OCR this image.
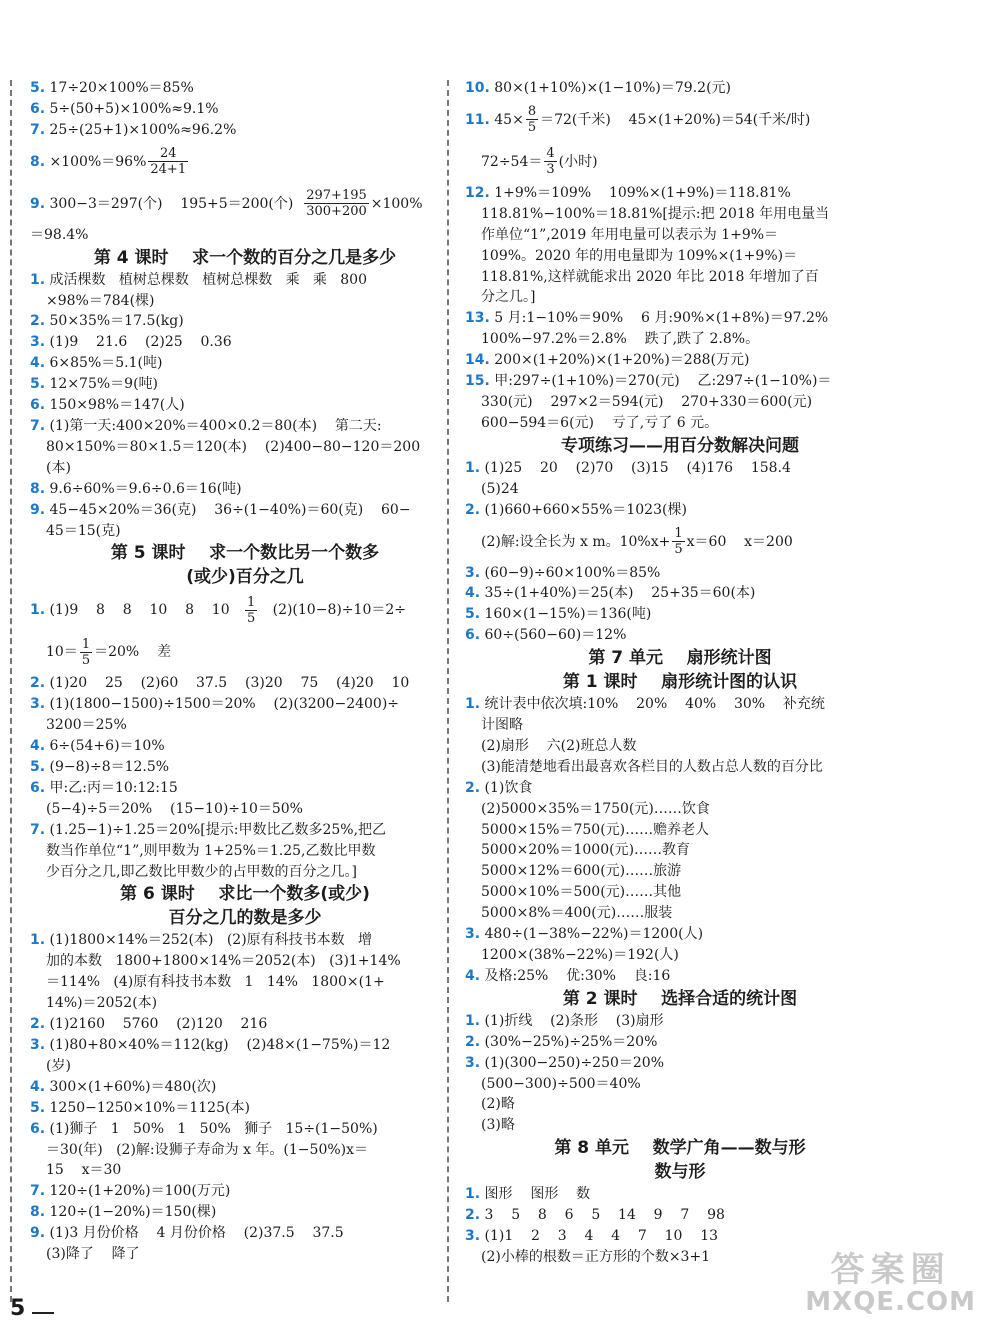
5. 17÷20×100%＝85%
6. 5÷(50+5)×100%≈9.1%
7. 25÷(25+1)×100%≈96.2%
8. $\times 100\%=96\% \frac{24}{24+1}$
9. 300−3＝297(个)    195+5＝200(个) $\frac{297+195}{300+200} \times 100\%$
＝98.4%
第 4 课时    求一个数的百分之几是多少
1. 成活棵数   植树总棵数   植树总棵数   乘   乘   800
×98%＝784(棵)
2. 50×35%＝17.5(kg)
3. (1)9    21.6    (2)25    0.36
4. 6×85%＝5.1(吨)
5. 12×75%＝9(吨)
6. 150×98%＝147(人)
7. (1)第一天:400×20%＝400×0.2＝80(本)    第二天:
80×150%＝80×1.5＝120(本)    (2)400−80−120＝200
(本)
8. 9.6÷60%＝9.6÷0.6＝16(吨)
9. 45−45×20%＝36(克)    36÷(1−40%)＝60(克)    60−
45＝15(克)
第 5 课时    求一个数比另一个数多
(或少)百分之几
1. (1)9    8    8    10    8    $10 \frac{1}{5} (2)(10-8)\div 10=2\div$
$10= \frac{1}{5} =20\%$    差
2. (1)20    25    (2)60    37.5    (3)20    75    (4)20    10
3. (1)(1800−1500)÷1500＝20%    (2)(3200−2400)÷
3200＝25%
4. 6÷(54+6)＝10%
5. (9−8)÷8＝12.5%
6. 甲:乙:丙＝10:12:15
(5−4)÷5＝20%    (15−10)÷10＝50%
7. (1.25−1)÷1.25＝20%[提示:甲数比乙数多25%,把乙
数当作单位“1”,则甲数为 1+25%＝1.25,乙数比甲数
少百分之几,即乙数比甲数少的占甲数的百分之几。]
第 6 课时    求比一个数多(或少)
百分之几的数是多少
1. (1)1800×14%＝252(本)   (2)原有科技书本数   增
加的本数   1800+1800×14%＝2052(本)   (3)1+14%
＝114%   (4)原有科技书本数   1   14%   1800×(1+
14%)＝2052(本)
2. (1)2160    5760    (2)120    216
3. (1)80+80×40%＝112(kg)    (2)48×(1−75%)＝12
(岁)
4. 300×(1+60%)＝480(次)
5. 1250−1250×10%＝1125(本)
6. (1)狮子   1   50%   1   50%   狮子   15÷(1−50%)
＝30(年)   (2)解:设狮子寿命为 x 年。(1−50%)x＝
15    x＝30
7. 120÷(1+20%)＝100(万元)
8. 120÷(1−20%)＝150(棵)
9. (1)3 月份价格    4 月份价格    (2)37.5    37.5
(3)降了    降了
10. 80×(1+10%)×(1−10%)＝79.2(元)
11. $45\times \frac{8}{5} =72$(千米)    45×(1+20%)＝54(千米/时)
$72\div 54= \frac{4}{3}$ (小时)
12. 1+9%＝109%    109%×(1+9%)＝118.81%
118.81%−100%＝18.81%[提示:把 2018 年用电量当
作单位“1”,2019 年用电量可以表示为 1+9%＝
109%。2020 年的用电量即为 109%×(1+9%)＝
118.81%,这样就能求出 2020 年比 2018 年增加了百
分之几。]
13. 5 月:1−10%＝90%    6 月:90%×(1+8%)＝97.2%
100%−97.2%＝2.8%    跌了,跌了 2.8%。
14. 200×(1+20%)×(1+20%)＝288(万元)
15. 甲:297÷(1+10%)＝270(元)    乙:297÷(1−10%)＝
330(元)    297×2＝594(元)    270+330＝600(元)
600−594＝6(元)    亏了,亏了 6 元。
专项练习——用百分数解决问题
1. (1)25    20    (2)70    (3)15    (4)176    158.4
(5)24
2. (1)660+660×55%＝1023(棵)
(2)解:设全长为 x m。$10\%x+ \frac{1}{5} x=60$    x＝200
3. (60−9)÷60×100%＝85%
4. 35÷(1+40%)＝25(本)    25+35＝60(本)
5. 160×(1−15%)＝136(吨)
6. 60÷(560−60)＝12%
第 7 单元    扇形统计图
第 1 课时    扇形统计图的认识
1. 统计表中依次填:10%    20%    40%    30%    补充统
计图略
(2)扇形    六(2)班总人数
(3)能清楚地看出最喜欢各栏目的人数占总人数的百分比
2. (1)饮食
(2)5000×35%＝1750(元)……饮食
5000×15%＝750(元)……赡养老人
5000×20%＝1000(元)……教育
5000×12%＝600(元)……旅游
5000×10%＝500(元)……其他
5000×8%＝400(元)……服装
3. 480÷(1−38%−22%)＝1200(人)
1200×(38%−22%)＝192(人)
4. 及格:25%    优:30%    良:16
第 2 课时    选择合适的统计图
1. (1)折线    (2)条形    (3)扇形
2. (30%−25%)÷25%＝20%
3. (1)(300−250)÷250＝20%
(500−300)÷500＝40%
(2)略
(3)略
第 8 单元    数学广角——数与形
数与形
1. 图形    图形    数
2. 3    5    8    6    5    14    9    7    98
3. (1)1    2    3    4    4    7    10    13
(2)小棒的根数＝正方形的个数×3+1
5
答案圈
MXQE.COM
